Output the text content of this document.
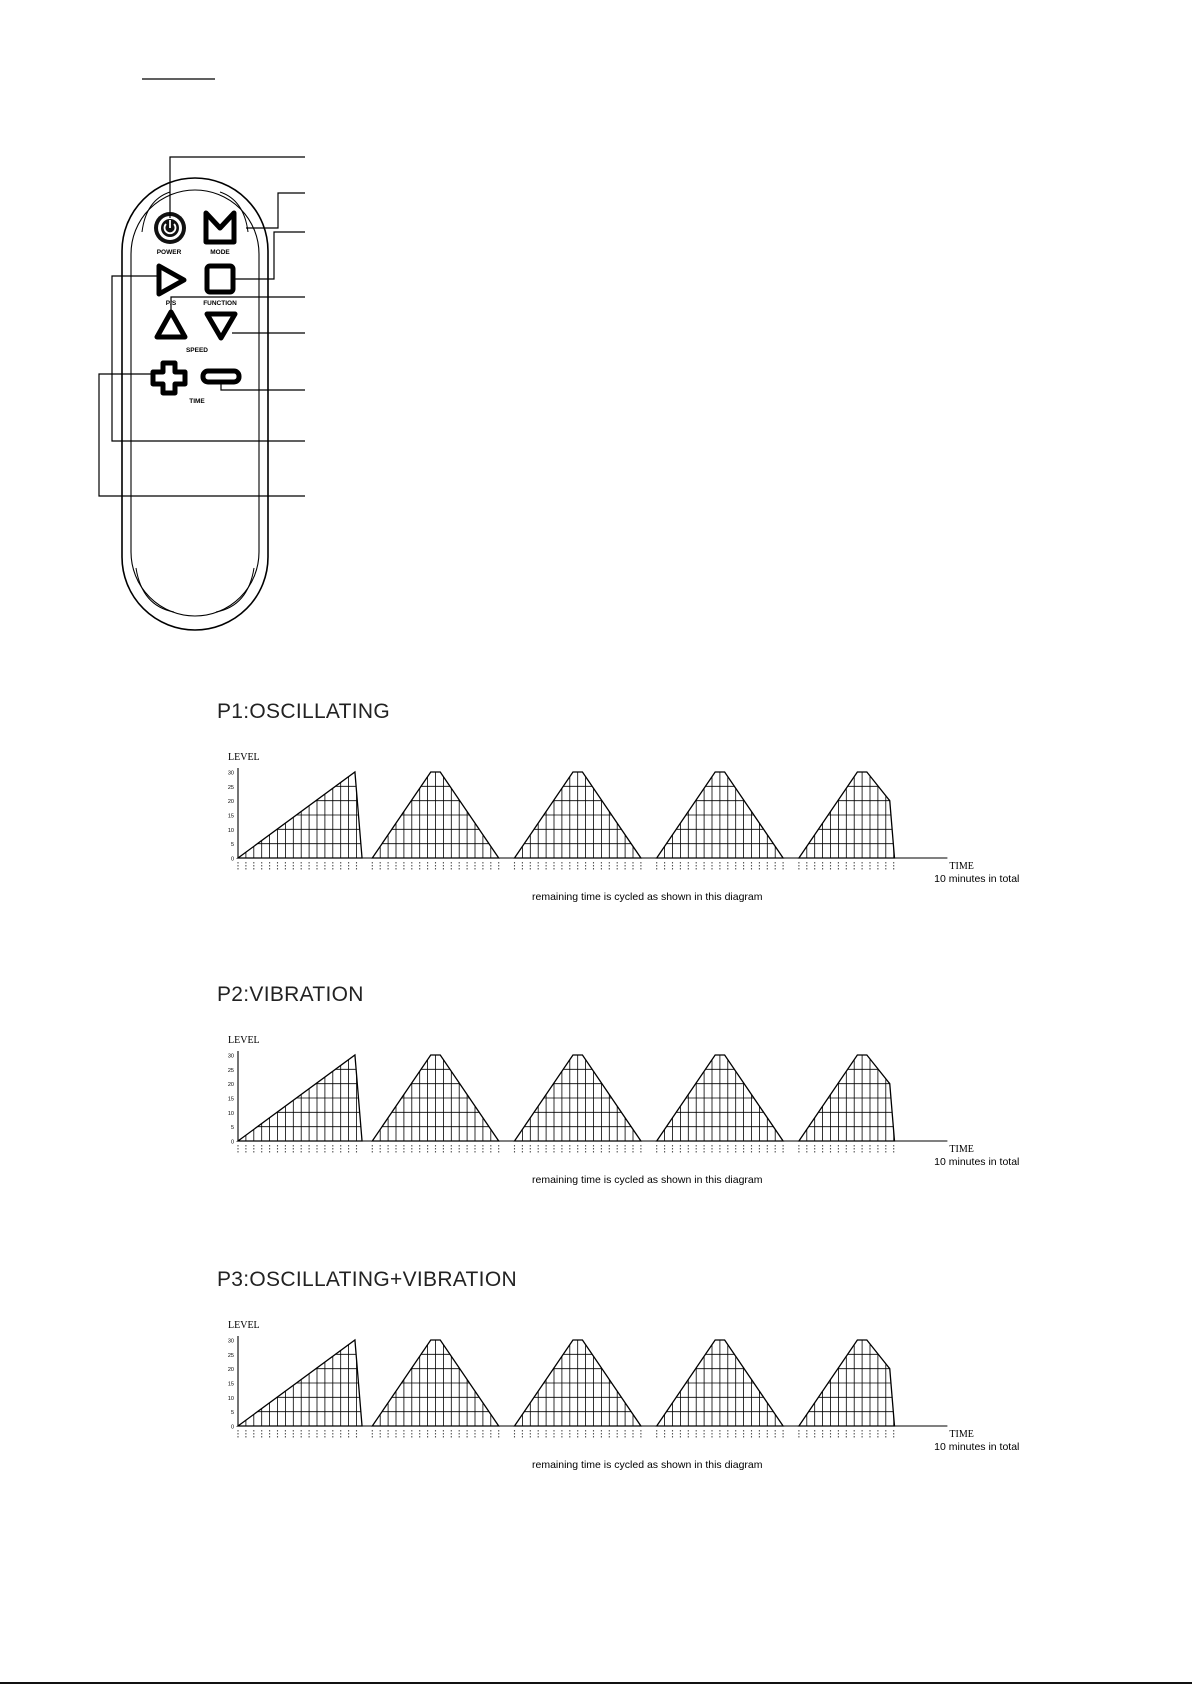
POWER	MODE
P/S	FUNCTION
SPEED
TIME
P1:OSCILLATING
P2:VIBRATION
P3:OSCILLATING+VIBRATION
LEVEL
0
5
10
15
20
25
30
TIME
10 minutes in total
remaining time is cycled as shown in this diagram
LEVEL
0
5
10
15
20
25
30
TIME
10 minutes in total
remaining time is cycled as shown in this diagram
LEVEL
0
5
10
15
20
25
30
TIME
10 minutes in total
remaining time is cycled as shown in this diagram
